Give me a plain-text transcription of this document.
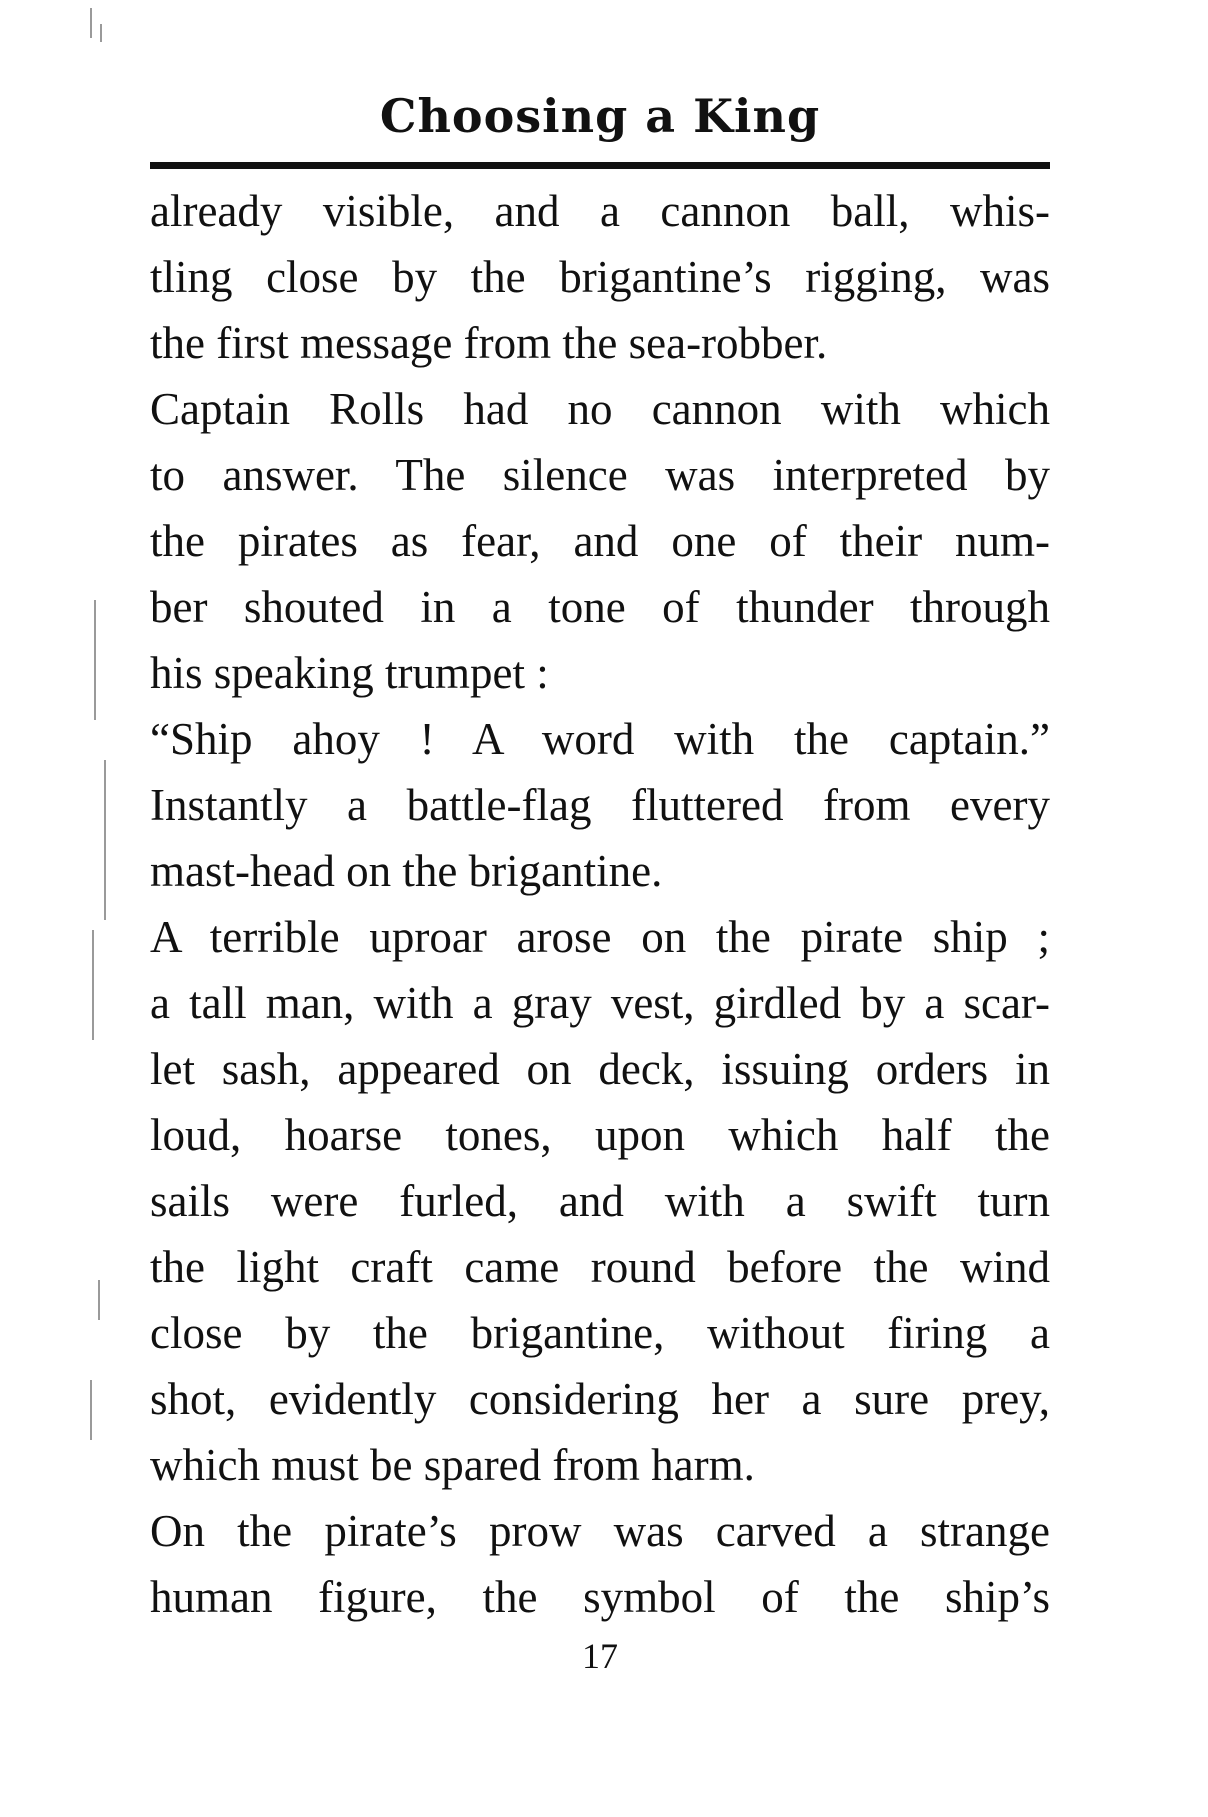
Choosing a King
already visible, and a cannon ball, whis-
tling close by the brigantine’s rigging, was
the first message from the sea-robber.
Captain Rolls had no cannon with which
to answer. The silence was interpreted by
the pirates as fear, and one of their num-
ber shouted in a tone of thunder through
his speaking trumpet :
“Ship ahoy ! A word with the captain.”
Instantly a battle-flag fluttered from every
mast-head on the brigantine.
A terrible uproar arose on the pirate ship ;
a tall man, with a gray vest, girdled by a scar-
let sash, appeared on deck, issuing orders in
loud, hoarse tones, upon which half the
sails were furled, and with a swift turn
the light craft came round before the wind
close by the brigantine, without firing a
shot, evidently considering her a sure prey,
which must be spared from harm.
On the pirate’s prow was carved a strange
human figure, the symbol of the ship’s
17
